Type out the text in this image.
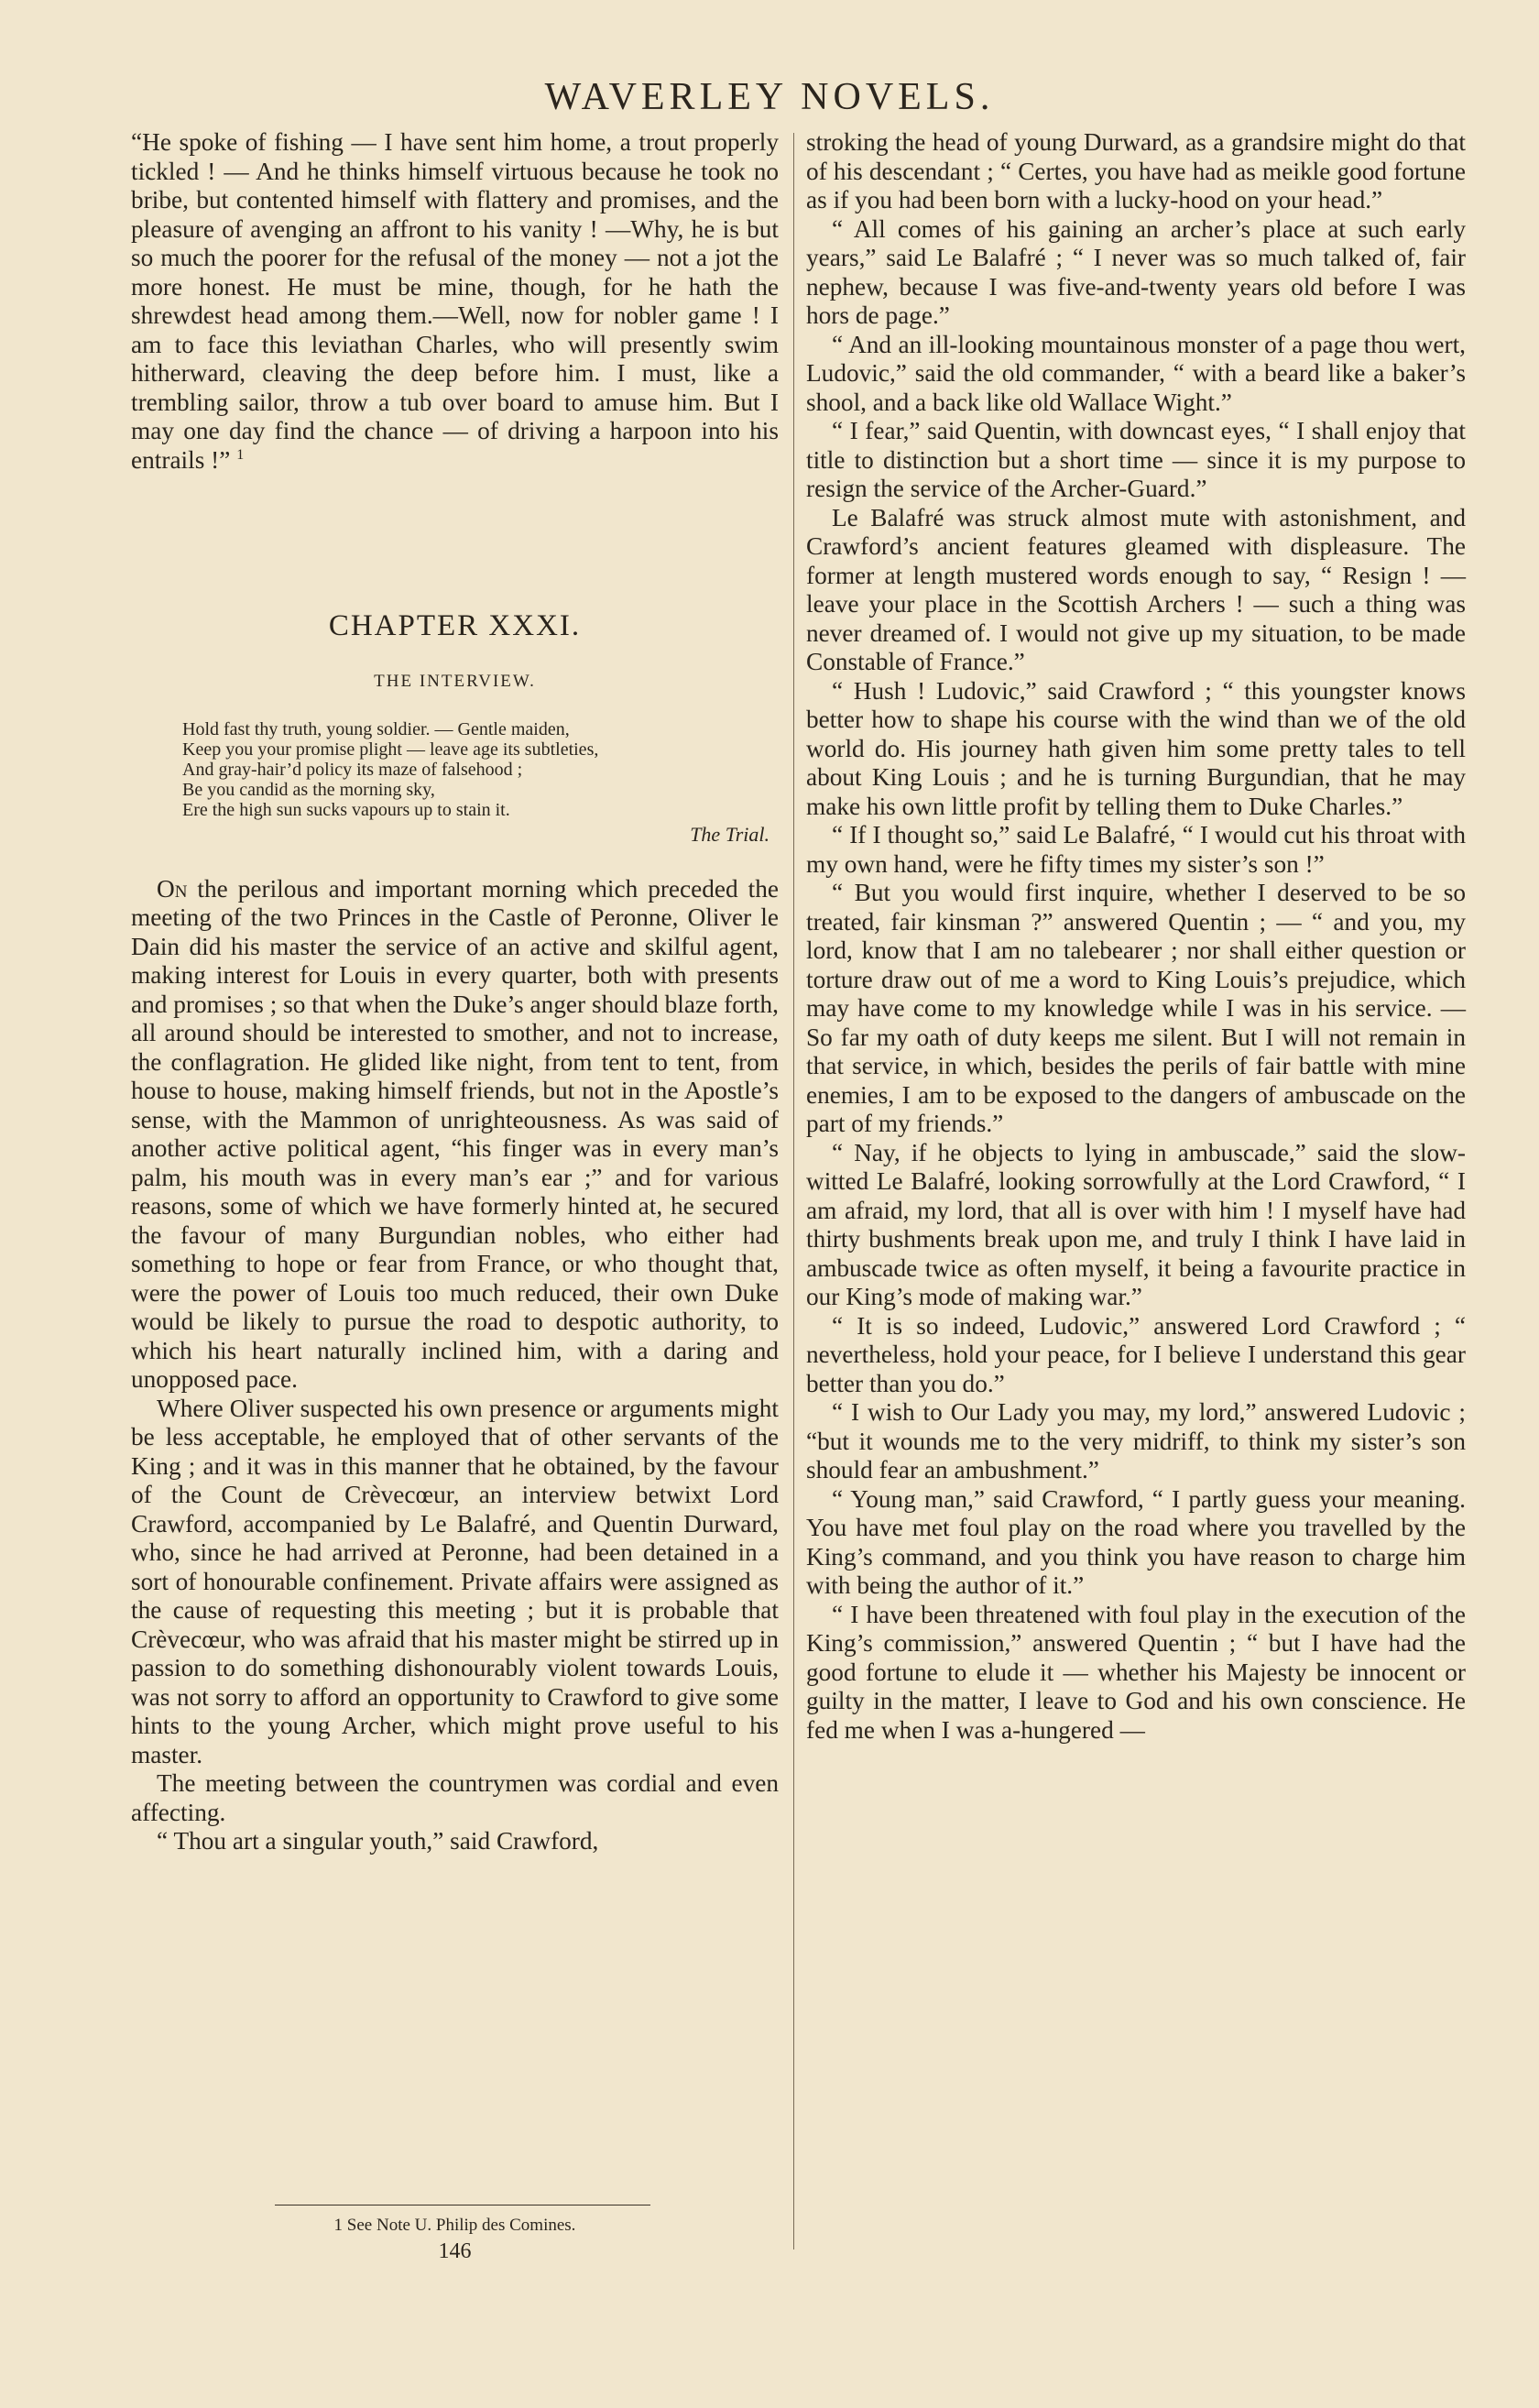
WAVERLEY NOVELS.

“He spoke of fishing — I have sent him home, a trout properly tickled ! — And he thinks himself virtuous because he took no bribe, but contented himself with flattery and promises, and the pleasure of avenging an affront to his vanity ! —Why, he is but so much the poorer for the refusal of the money — not a jot the more honest. He must be mine, though, for he hath the shrewdest head among them.—Well, now for nobler game ! I am to face this leviathan Charles, who will presently swim hitherward, cleaving the deep before him. I must, like a trembling sailor, throw a tub over board to amuse him. But I may one day find the chance — of driving a harpoon into his entrails !” $^1$

CHAPTER XXXI.
THE INTERVIEW.
Hold fast thy truth, young soldier. — Gentle maiden,
Keep you your promise plight — leave age its subtleties,
And gray-hair’d policy its maze of falsehood ;
Be you candid as the morning sky,
Ere the high sun sucks vapours up to stain it.
The Trial.

On the perilous and important morning which preceded the meeting of the two Princes in the Castle of Peronne, Oliver le Dain did his master the service of an active and skilful agent, making interest for Louis in every quarter, both with presents and promises ; so that when the Duke’s anger should blaze forth, all around should be interested to smother, and not to increase, the conflagration. He glided like night, from tent to tent, from house to house, making himself friends, but not in the Apostle’s sense, with the Mammon of unrighteousness. As was said of another active political agent, “his finger was in every man’s palm, his mouth was in every man’s ear ;” and for various reasons, some of which we have formerly hinted at, he secured the favour of many Burgundian nobles, who either had something to hope or fear from France, or who thought that, were the power of Louis too much reduced, their own Duke would be likely to pursue the road to despotic authority, to which his heart naturally inclined him, with a daring and unopposed pace.

Where Oliver suspected his own presence or arguments might be less acceptable, he employed that of other servants of the King ; and it was in this manner that he obtained, by the favour of the Count de Crèvecœur, an interview betwixt Lord Crawford, accompanied by Le Balafré, and Quentin Durward, who, since he had arrived at Peronne, had been detained in a sort of honourable confinement. Private affairs were assigned as the cause of requesting this meeting ; but it is probable that Crèvecœur, who was afraid that his master might be stirred up in passion to do something dishonourably violent towards Louis, was not sorry to afford an opportunity to Crawford to give some hints to the young Archer, which might prove useful to his master.

The meeting between the countrymen was cordial and even affecting.

“ Thou art a singular youth,” said Crawford,

stroking the head of young Durward, as a grandsire might do that of his descendant ; “ Certes, you have had as meikle good fortune as if you had been born with a lucky-hood on your head.”

“ All comes of his gaining an archer’s place at such early years,” said Le Balafré ; “ I never was so much talked of, fair nephew, because I was five-and-twenty years old before I was hors de page.”

“ And an ill-looking mountainous monster of a page thou wert, Ludovic,” said the old commander, “ with a beard like a baker’s shool, and a back like old Wallace Wight.”

“ I fear,” said Quentin, with downcast eyes, “ I shall enjoy that title to distinction but a short time — since it is my purpose to resign the service of the Archer-Guard.”

Le Balafré was struck almost mute with astonishment, and Crawford’s ancient features gleamed with displeasure. The former at length mustered words enough to say, “ Resign ! — leave your place in the Scottish Archers ! — such a thing was never dreamed of. I would not give up my situation, to be made Constable of France.”

“ Hush ! Ludovic,” said Crawford ; “ this youngster knows better how to shape his course with the wind than we of the old world do. His journey hath given him some pretty tales to tell about King Louis ; and he is turning Burgundian, that he may make his own little profit by telling them to Duke Charles.”

“ If I thought so,” said Le Balafré, “ I would cut his throat with my own hand, were he fifty times my sister’s son !”

“ But you would first inquire, whether I deserved to be so treated, fair kinsman ?” answered Quentin ; — “ and you, my lord, know that I am no talebearer ; nor shall either question or torture draw out of me a word to King Louis’s prejudice, which may have come to my knowledge while I was in his service. — So far my oath of duty keeps me silent. But I will not remain in that service, in which, besides the perils of fair battle with mine enemies, I am to be exposed to the dangers of ambuscade on the part of my friends.”

“ Nay, if he objects to lying in ambuscade,” said the slow-witted Le Balafré, looking sorrowfully at the Lord Crawford, “ I am afraid, my lord, that all is over with him ! I myself have had thirty bushments break upon me, and truly I think I have laid in ambuscade twice as often myself, it being a favourite practice in our King’s mode of making war.”

“ It is so indeed, Ludovic,” answered Lord Crawford ; “ nevertheless, hold your peace, for I believe I understand this gear better than you do.”

“ I wish to Our Lady you may, my lord,” answered Ludovic ; “but it wounds me to the very midriff, to think my sister’s son should fear an ambushment.”

“ Young man,” said Crawford, “ I partly guess your meaning. You have met foul play on the road where you travelled by the King’s command, and you think you have reason to charge him with being the author of it.”

“ I have been threatened with foul play in the execution of the King’s commission,” answered Quentin ; “ but I have had the good fortune to elude it — whether his Majesty be innocent or guilty in the matter, I leave to God and his own conscience. He fed me when I was a-hungered —

1 See Note U. Philip des Comines.
146
